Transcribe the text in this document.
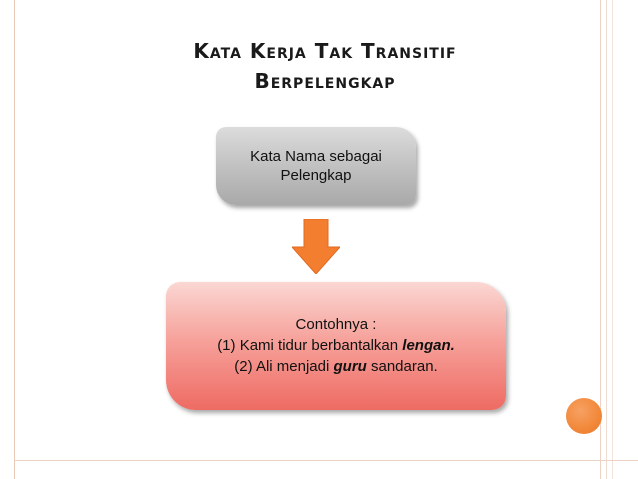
Kata Kerja Tak Transitif
Berpelengkap
Kata Nama sebagai
Pelengkap
Contohnya :
(1) Kami tidur berbantalkan lengan.
(2) Ali menjadi guru sandaran.
